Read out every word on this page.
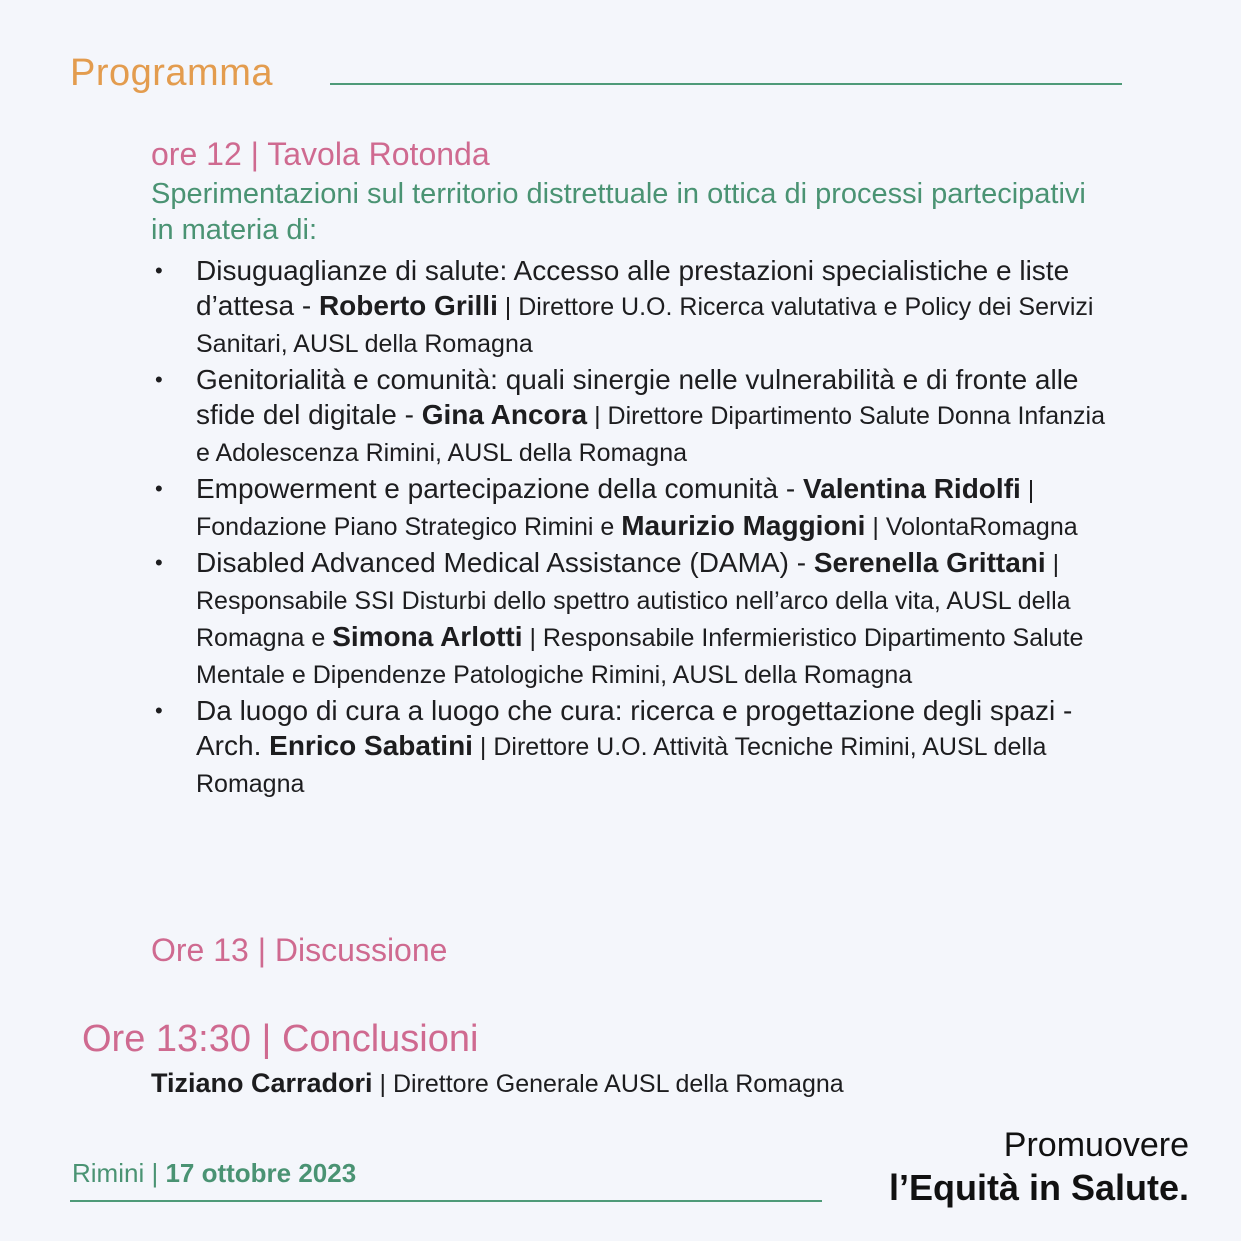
Programma
ore 12 | Tavola Rotonda
Sperimentazioni sul territorio distrettuale in ottica di processi partecipativi in materia di:
• Disuguaglianze di salute: Accesso alle prestazioni specialistiche e liste d’attesa - Roberto Grilli | Direttore U.O. Ricerca valutativa e Policy dei Servizi Sanitari, AUSL della Romagna
• Genitorialità e comunità: quali sinergie nelle vulnerabilità e di fronte alle sfide del digitale - Gina Ancora | Direttore Dipartimento Salute Donna Infanzia e Adolescenza Rimini, AUSL della Romagna
• Empowerment e partecipazione della comunità - Valentina Ridolfi | Fondazione Piano Strategico Rimini e Maurizio Maggioni | VolontaRomagna
• Disabled Advanced Medical Assistance (DAMA) - Serenella Grittani | Responsabile SSI Disturbi dello spettro autistico nell’arco della vita, AUSL della Romagna e Simona Arlotti | Responsabile Infermieristico Dipartimento Salute Mentale e Dipendenze Patologiche Rimini, AUSL della Romagna
• Da luogo di cura a luogo che cura: ricerca e progettazione degli spazi - Arch. Enrico Sabatini | Direttore U.O. Attività Tecniche Rimini, AUSL della Romagna
Ore 13 | Discussione
Ore 13:30 | Conclusioni
Tiziano Carradori | Direttore Generale AUSL della Romagna
Rimini | 17 ottobre 2023
Promuovere
l’Equità in Salute.
